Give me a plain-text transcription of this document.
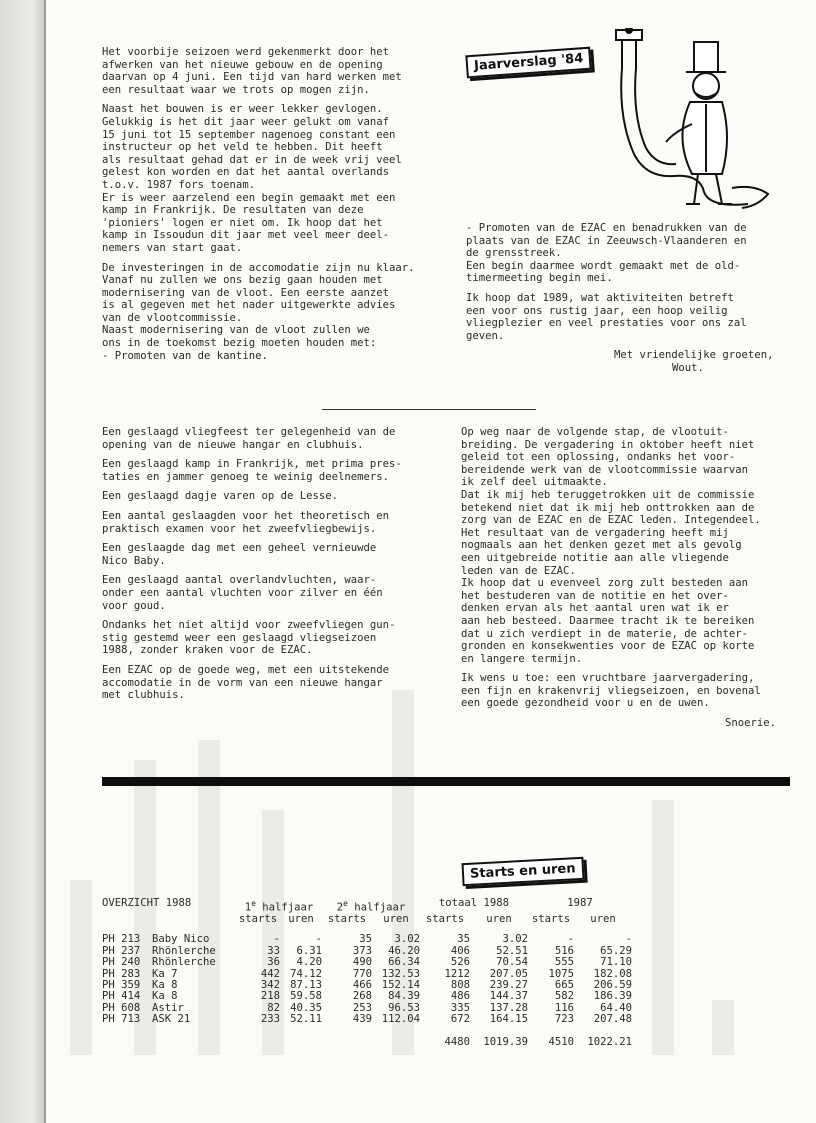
Het voorbije seizoen werd gekenmerkt door het
afwerken van het nieuwe gebouw en de opening
daarvan op 4 juni. Een tijd van hard werken met
een resultaat waar we trots op mogen zijn.

Naast het bouwen is er weer lekker gevlogen.
Gelukkig is het dit jaar weer gelukt om vanaf
15 juni tot 15 september nagenoeg constant een
instructeur op het veld te hebben. Dit heeft
als resultaat gehad dat er in de week vrij veel
gelest kon worden en dat het aantal overlands
t.o.v. 1987 fors toenam.
Er is weer aarzelend een begin gemaakt met een
kamp in Frankrijk. De resultaten van deze
'pioniers' logen er niet om. Ik hoop dat het
kamp in Issoudun dit jaar met veel meer deel-
nemers van start gaat.

De investeringen in de accomodatie zijn nu klaar.
Vanaf nu zullen we ons bezig gaan houden met
modernisering van de vloot. Een eerste aanzet
is al gegeven met het nader uitgewerkte advies
van de vlootcommissie.
Naast modernisering van de vloot zullen we
ons in de toekomst bezig moeten houden met:
- Promoten van de kantine.

Jaarverslag '84

- Promoten van de EZAC en benadrukken van de
plaats van de EZAC in Zeeuwsch-Vlaanderen en
de grensstreek.
Een begin daarmee wordt gemaakt met de old-
timermeeting begin mei.

Ik hoop dat 1989, wat aktiviteiten betreft
een voor ons rustig jaar, een hoop veilig
vliegplezier en veel prestaties voor ons zal
geven.

Met vriendelijke groeten,
Wout.

Een geslaagd vliegfeest ter gelegenheid van de
opening van de nieuwe hangar en clubhuis.

Een geslaagd kamp in Frankrijk, met prima pres-
taties en jammer genoeg te weinig deelnemers.

Een geslaagd dagje varen op de Lesse.

Een aantal geslaagden voor het theoretisch en
praktisch examen voor het zweefvliegbewijs.

Een geslaagde dag met een geheel vernieuwde
Nico Baby.

Een geslaagd aantal overlandvluchten, waar-
onder een aantal vluchten voor zilver en één
voor goud.

Ondanks het niet altijd voor zweefvliegen gun-
stig gestemd weer een geslaagd vliegseizoen
1988, zonder kraken voor de EZAC.

Een EZAC op de goede weg, met een uitstekende
accomodatie in de vorm van een nieuwe hangar
met clubhuis.

Op weg naar de volgende stap, de vlootuit-
breiding. De vergadering in oktober heeft niet
geleid tot een oplossing, ondanks het voor-
bereidende werk van de vlootcommissie waarvan
ik zelf deel uitmaakte.
Dat ik mij heb teruggetrokken uit de commissie
betekend niet dat ik mij heb onttrokken aan de
zorg van de EZAC en de EZAC leden. Integendeel.
Het resultaat van de vergadering heeft mij
nogmaals aan het denken gezet met als gevolg
een uitgebreide notitie aan alle vliegende
leden van de EZAC.
Ik hoop dat u evenveel zorg zult besteden aan
het bestuderen van de notitie en het over-
denken ervan als het aantal uren wat ik er
aan heb besteed. Daarmee tracht ik te bereiken
dat u zich verdiept in de materie, de achter-
gronden en konsekwenties voor de EZAC op korte
en langere termijn.

Ik wens u toe: een vruchtbare jaarvergadering,
een fijn en krakenvrij vliegseizoen, en bovenal
een goede gezondheid voor u en de uwen.

Snoerie.
Starts en uren
OVERZICHT 1988		1e halfjaar		2e halfjaar		totaal 1988		1987	
		starts	uren	starts	uren	starts	uren	starts	uren

PH 213	Baby Nico	-	-	35	3.02	35	3.02	-	-
PH 237	Rhönlerche	33	6.31	373	46.20	406	52.51	516	65.29
PH 240	Rhönlerche	36	4.20	490	66.34	526	70.54	555	71.10
PH 283	Ka 7	442	74.12	770	132.53	1212	207.05	1075	182.08
PH 359	Ka 8	342	87.13	466	152.14	808	239.27	665	206.59
PH 414	Ka 8	218	59.58	268	84.39	486	144.37	582	186.39
PH 608	Astir	82	40.35	253	96.53	335	137.28	116	64.40
PH 713	ASK 21	233	52.11	439	112.04	672	164.15	723	207.48

						4480	1019.39	4510	1022.21
